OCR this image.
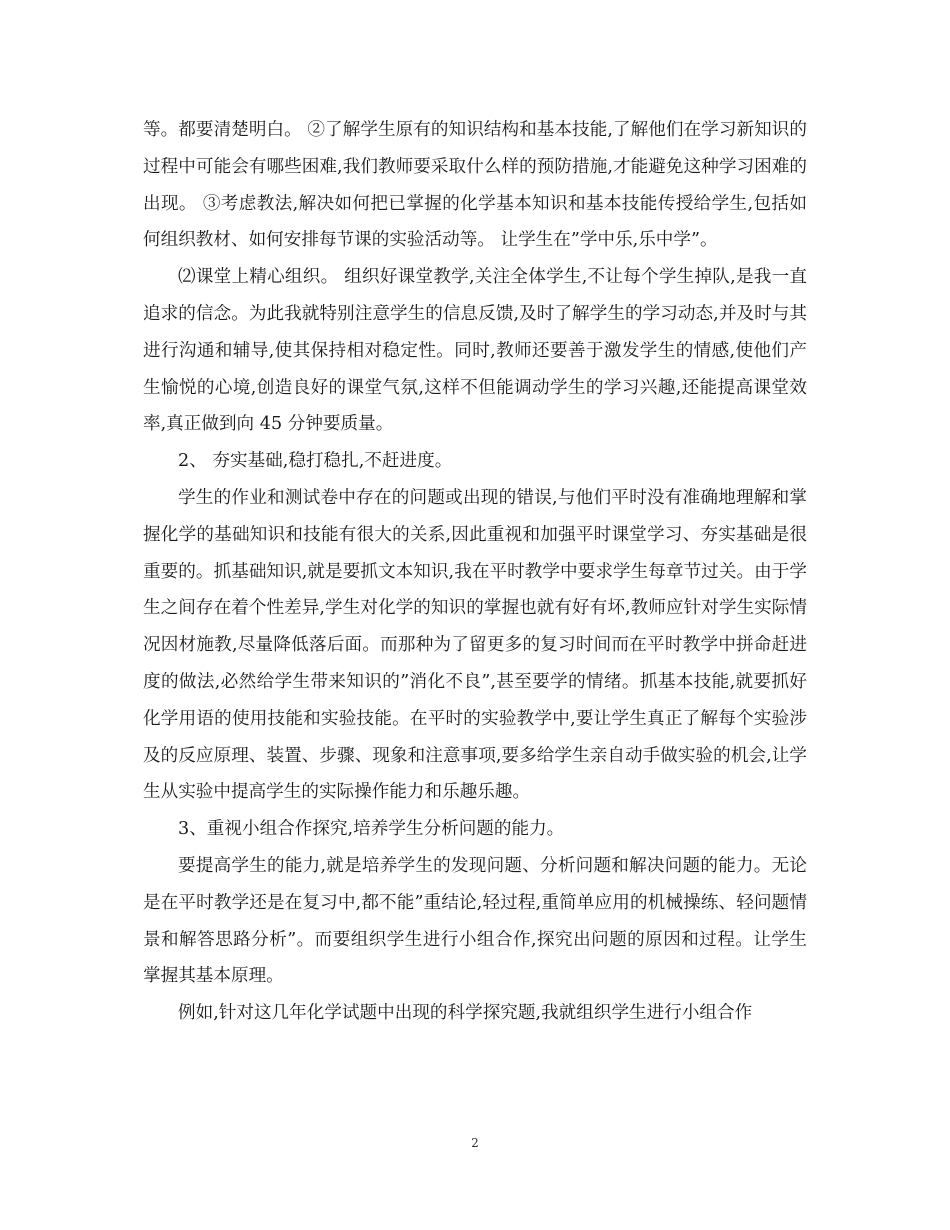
等。都要清楚明白。 ②了解学生原有的知识结构和基本技能,了解他们在学习新知识的过程中可能会有哪些困难,我们教师要采取什么样的预防措施,才能避免这种学习困难的出现。 ③考虑教法,解决如何把已掌握的化学基本知识和基本技能传授给学生,包括如何组织教材、如何安排每节课的实验活动等。 让学生在”学中乐,乐中学”。

⑵课堂上精心组织。 组织好课堂教学,关注全体学生,不让每个学生掉队,是我一直追求的信念。为此我就特别注意学生的信息反馈,及时了解学生的学习动态,并及时与其进行沟通和辅导,使其保持相对稳定性。同时,教师还要善于激发学生的情感,使他们产生愉悦的心境,创造良好的课堂气氛,这样不但能调动学生的学习兴趣,还能提高课堂效率,真正做到向 45 分钟要质量。

2、 夯实基础,稳打稳扎,不赶进度。

学生的作业和测试卷中存在的问题或出现的错误,与他们平时没有准确地理解和掌握化学的基础知识和技能有很大的关系,因此重视和加强平时课堂学习、夯实基础是很重要的。抓基础知识,就是要抓文本知识,我在平时教学中要求学生每章节过关。由于学生之间存在着个性差异,学生对化学的知识的掌握也就有好有坏,教师应针对学生实际情况因材施教,尽量降低落后面。而那种为了留更多的复习时间而在平时教学中拼命赶进度的做法,必然给学生带来知识的”消化不良”,甚至要学的情绪。抓基本技能,就要抓好化学用语的使用技能和实验技能。在平时的实验教学中,要让学生真正了解每个实验涉及的反应原理、装置、步骤、现象和注意事项,要多给学生亲自动手做实验的机会,让学生从实验中提高学生的实际操作能力和乐趣乐趣。

3、重视小组合作探究,培养学生分析问题的能力。

要提高学生的能力,就是培养学生的发现问题、分析问题和解决问题的能力。无论是在平时教学还是在复习中,都不能”重结论,轻过程,重简单应用的机械操练、轻问题情景和解答思路分析”。而要组织学生进行小组合作,探究出问题的原因和过程。让学生掌握其基本原理。

例如,针对这几年化学试题中出现的科学探究题,我就组织学生进行小组合作

2
